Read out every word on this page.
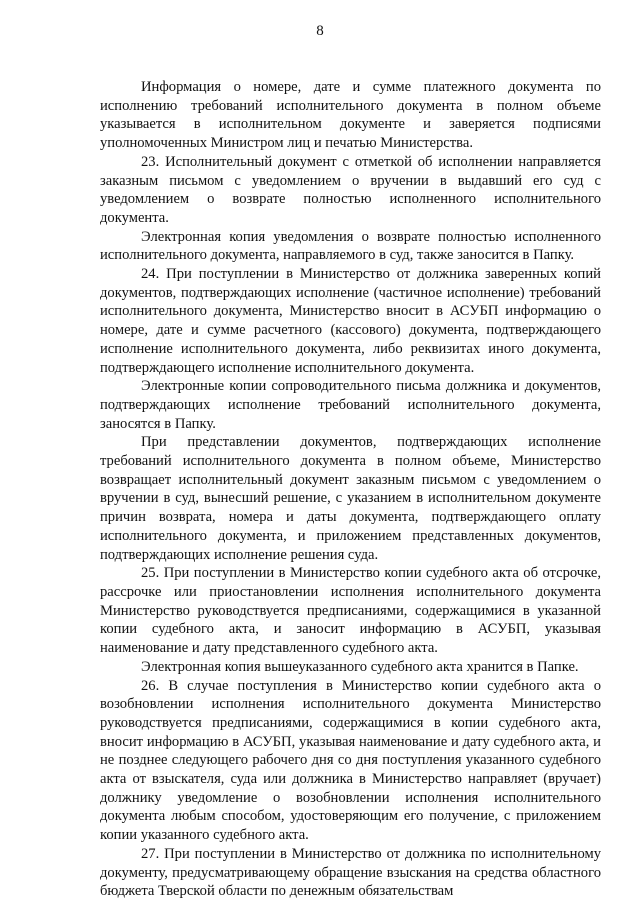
8

Информация о номере, дате и сумме платежного документа по исполнению требований исполнительного документа в полном объеме указывается в исполнительном документе и заверяется подписями уполномоченных Министром лиц и печатью Министерства.

23. Исполнительный документ с отметкой об исполнении направляется заказным письмом с уведомлением о вручении в выдавший его суд с уведомлением о возврате полностью исполненного исполнительного документа.

Электронная копия уведомления о возврате полностью исполненного исполнительного документа, направляемого в суд, также заносится в Папку.

24. При поступлении в Министерство от должника заверенных копий документов, подтверждающих исполнение (частичное исполнение) требований исполнительного документа, Министерство вносит в АСУБП информацию о номере, дате и сумме расчетного (кассового) документа, подтверждающего исполнение исполнительного документа, либо реквизитах иного документа, подтверждающего исполнение исполнительного документа.

Электронные копии сопроводительного письма должника и документов, подтверждающих исполнение требований исполнительного документа, заносятся в Папку.

При представлении документов, подтверждающих исполнение требований исполнительного документа в полном объеме, Министерство возвращает исполнительный документ заказным письмом с уведомлением о вручении в суд, вынесший решение, с указанием в исполнительном документе причин возврата, номера и даты документа, подтверждающего оплату исполнительного документа, и приложением представленных документов, подтверждающих исполнение решения суда.

25. При поступлении в Министерство копии судебного акта об отсрочке, рассрочке или приостановлении исполнения исполнительного документа Министерство руководствуется предписаниями, содержащимися в указанной копии судебного акта, и заносит информацию в АСУБП, указывая наименование и дату представленного судебного акта.

Электронная копия вышеуказанного судебного акта хранится в Папке.

26. В случае поступления в Министерство копии судебного акта о возобновлении исполнения исполнительного документа Министерство руководствуется предписаниями, содержащимися в копии судебного акта, вносит информацию в АСУБП, указывая наименование и дату судебного акта, и не позднее следующего рабочего дня со дня поступления указанного судебного акта от взыскателя, суда или должника в Министерство направляет (вручает) должнику уведомление о возобновлении исполнения исполнительного документа любым способом, удостоверяющим его получение, с приложением копии указанного судебного акта.

27. При поступлении в Министерство от должника по исполнительному документу, предусматривающему обращение взыскания на средства областного бюджета Тверской области по денежным обязательствам
